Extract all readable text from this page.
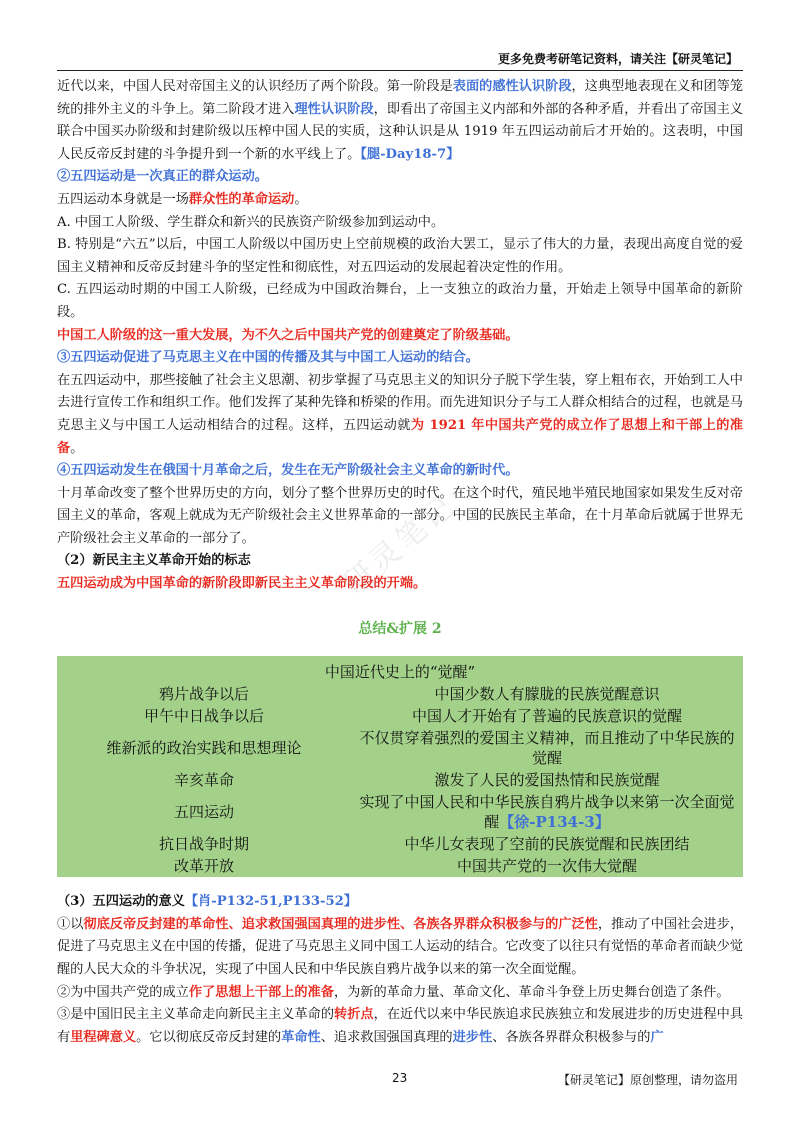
更多免费考研笔记资料，请关注【研灵笔记】

近代以来，中国人民对帝国主义的认识经历了两个阶段。第一阶段是表面的感性认识阶段，这典型地表现在义和团等笼统的排外主义的斗争上。第二阶段才进入理性认识阶段，即看出了帝国主义内部和外部的各种矛盾，并看出了帝国主义联合中国买办阶级和封建阶级以压榨中国人民的实质，这种认识是从 1919 年五四运动前后才开始的。这表明，中国人民反帝反封建的斗争提升到一个新的水平线上了。【腿-Day18-7】

②五四运动是一次真正的群众运动。

五四运动本身就是一场群众性的革命运动。

A. 中国工人阶级、学生群众和新兴的民族资产阶级参加到运动中。

B. 特别是“六五”以后，中国工人阶级以中国历史上空前规模的政治大罢工，显示了伟大的力量，表现出高度自觉的爱国主义精神和反帝反封建斗争的坚定性和彻底性，对五四运动的发展起着决定性的作用。

C. 五四运动时期的中国工人阶级，已经成为中国政治舞台，上一支独立的政治力量，开始走上领导中国革命的新阶段。

中国工人阶级的这一重大发展，为不久之后中国共产党的创建奠定了阶级基础。

③五四运动促进了马克思主义在中国的传播及其与中国工人运动的结合。

在五四运动中，那些接触了社会主义思潮、初步掌握了马克思主义的知识分子脱下学生装，穿上粗布衣，开始到工人中去进行宣传工作和组织工作。他们发挥了某种先锋和桥梁的作用。而先进知识分子与工人群众相结合的过程，也就是马克思主义与中国工人运动相结合的过程。这样，五四运动就为 1921 年中国共产党的成立作了思想上和干部上的准备。

④五四运动发生在俄国十月革命之后，发生在无产阶级社会主义革命的新时代。

十月革命改变了整个世界历史的方向，划分了整个世界历史的时代。在这个时代，殖民地半殖民地国家如果发生反对帝国主义的革命，客观上就成为无产阶级社会主义世界革命的一部分。中国的民族民主革命，在十月革命后就属于世界无产阶级社会主义革命的一部分了。

（2）新民主主义革命开始的标志

五四运动成为中国革命的新阶段即新民主主义革命阶段的开端。

总结&扩展 2
中国近代史上的“觉醒”	
鸦片战争以后	中国少数人有朦胧的民族觉醒意识
甲午中日战争以后	中国人才开始有了普遍的民族意识的觉醒
维新派的政治实践和思想理论	不仅贯穿着强烈的爱国主义精神，而且推动了中华民族的觉醒
辛亥革命	激发了人民的爱国热情和民族觉醒
五四运动	实现了中国人民和中华民族自鸦片战争以来第一次全面觉醒【徐-P134-3】
抗日战争时期	中华儿女表现了空前的民族觉醒和民族团结
改革开放	中国共产党的一次伟大觉醒

（3）五四运动的意义【肖-P132-51,P133-52】

①以彻底反帝反封建的革命性、追求救国强国真理的进步性、各族各界群众积极参与的广泛性，推动了中国社会进步，促进了马克思主义在中国的传播，促进了马克思主义同中国工人运动的结合。它改变了以往只有觉悟的革命者而缺少觉醒的人民大众的斗争状况，实现了中国人民和中华民族自鸦片战争以来的第一次全面觉醒。

②为中国共产党的成立作了思想上干部上的准备，为新的革命力量、革命文化、革命斗争登上历史舞台创造了条件。

③是中国旧民主主义革命走向新民主主义革命的转折点，在近代以来中华民族追求民族独立和发展进步的历史进程中具有里程碑意义。它以彻底反帝反封建的革命性、追求救国强国真理的进步性、各族各界群众积极参与的广

研灵笔记
23	【研灵笔记】原创整理，请勿盗用
